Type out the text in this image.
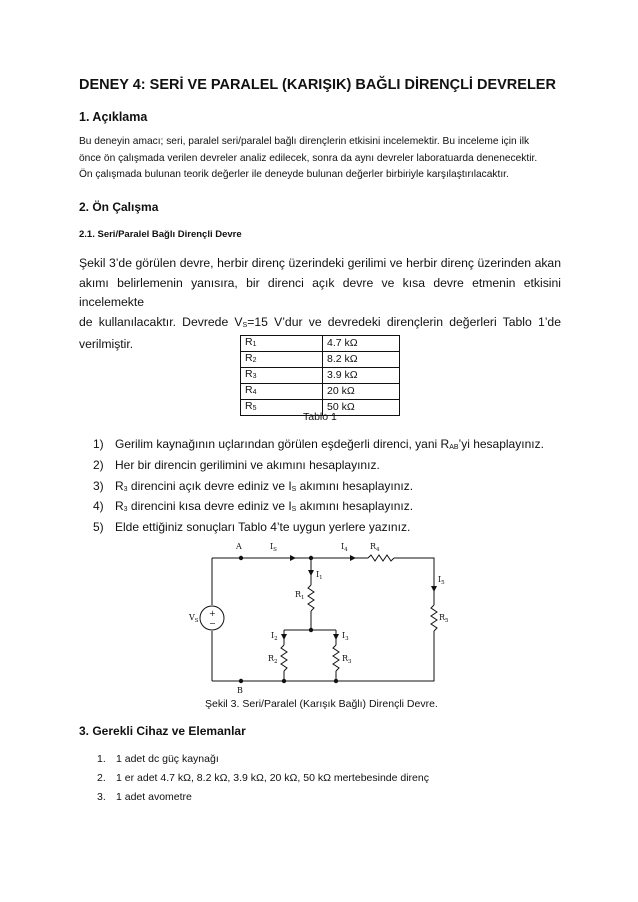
DENEY 4: SERİ VE PARALEL (KARIŞIK) BAĞLI DİRENÇLİ DEVRELER
1. Açıklama
Bu deneyin amacı; seri, paralel seri/paralel bağlı dirençlerin etkisini incelemektir. Bu inceleme için ilk
önce ön çalışmada verilen devreler analiz edilecek, sonra da aynı devreler laboratuarda denenecektir.
Ön çalışmada bulunan teorik değerler ile deneyde bulunan değerler birbiriyle karşılaştırılacaktır.
2. Ön Çalışma
2.1. Seri/Paralel Bağlı Dirençli Devre
Şekil 3’de görülen devre, herbir direnç üzerindeki gerilimi ve herbir direnç üzerinden akan
akımı belirlemenin yanısıra, bir direnci açık devre ve kısa devre etmenin etkisini incelemekte
de kullanılacaktır. Devrede $V_S=15$ V’dur ve devredeki dirençlerin değerleri Tablo 1’de
verilmiştir.	$R_1$	4.7 kΩ
$R_2$	8.2 kΩ
$R_3$	3.9 kΩ
$R_4$	20 kΩ
$R_5$	50 kΩ
Tablo 1
1) Gerilim kaynağının uçlarından görülen eşdeğerli direnci, yani $R_{AB}’yi$ hesaplayınız.
2) Her bir direncin gerilimini ve akımını hesaplayınız.
3) $R_3$ direncini açık devre ediniz ve $I_S$ akımını hesaplayınız.
4) $R_3$ direncini kısa devre ediniz ve $I_S$ akımını hesaplayınız.
5) Elde ettiğiniz sonuçları Tablo 4’te uygun yerlere yazınız.
A
B
$I_S$	$I_4$	$R_4$
$I_1$
$R_1$
$I_5$
$R_5$
$V_S$
+
−
$I_2$	$I_3$
$R_2$	$R_3$
Şekil 3. Seri/Paralel (Karışık Bağlı) Dirençli Devre.
3. Gerekli Cihaz ve Elemanlar
1. 1 adet dc güç kaynağı
2. 1 er adet 4.7 kΩ, 8.2 kΩ, 3.9 kΩ, 20 kΩ, 50 kΩ mertebesinde direnç
3. 1 adet avometre
